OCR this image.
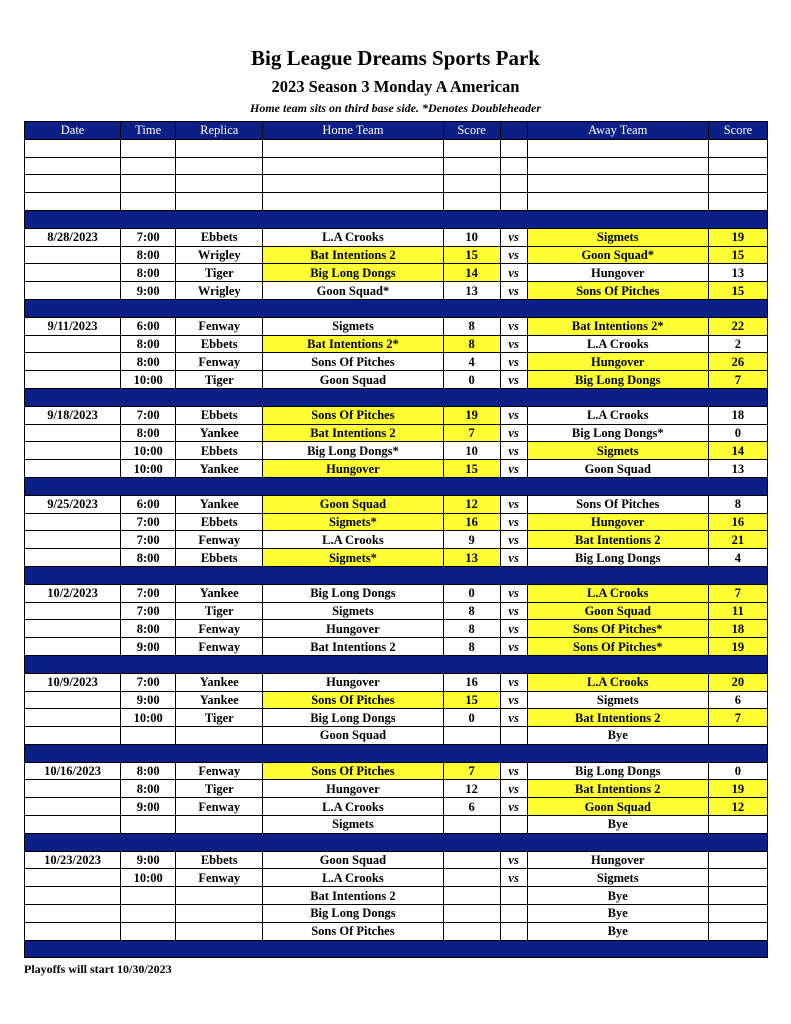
Big League Dreams Sports Park
2023 Season 3 Monday A American
Home team sits on third base side. *Denotes Doubleheader
Date	Time	Replica	Home Team	Score		Away Team	Score

8/28/2023	7:00	Ebbets	L.A Crooks	10	vs	Sigmets	19
	8:00	Wrigley	Bat Intentions 2	15	vs	Goon Squad*	15
	8:00	Tiger	Big Long Dongs	14	vs	Hungover	13
	9:00	Wrigley	Goon Squad*	13	vs	Sons Of Pitches	15

9/11/2023	6:00	Fenway	Sigmets	8	vs	Bat Intentions 2*	22
	8:00	Ebbets	Bat Intentions 2*	8	vs	L.A Crooks	2
	8:00	Fenway	Sons Of Pitches	4	vs	Hungover	26
	10:00	Tiger	Goon Squad	0	vs	Big Long Dongs	7

9/18/2023	7:00	Ebbets	Sons Of Pitches	19	vs	L.A Crooks	18
	8:00	Yankee	Bat Intentions 2	7	vs	Big Long Dongs*	0
	10:00	Ebbets	Big Long Dongs*	10	vs	Sigmets	14
	10:00	Yankee	Hungover	15	vs	Goon Squad	13

9/25/2023	6:00	Yankee	Goon Squad	12	vs	Sons Of Pitches	8
	7:00	Ebbets	Sigmets*	16	vs	Hungover	16
	7:00	Fenway	L.A Crooks	9	vs	Bat Intentions 2	21
	8:00	Ebbets	Sigmets*	13	vs	Big Long Dongs	4

10/2/2023	7:00	Yankee	Big Long Dongs	0	vs	L.A Crooks	7
	7:00	Tiger	Sigmets	8	vs	Goon Squad	11
	8:00	Fenway	Hungover	8	vs	Sons Of Pitches*	18
	9:00	Fenway	Bat Intentions 2	8	vs	Sons Of Pitches*	19

10/9/2023	7:00	Yankee	Hungover	16	vs	L.A Crooks	20
	9:00	Yankee	Sons Of Pitches	15	vs	Sigmets	6
	10:00	Tiger	Big Long Dongs	0	vs	Bat Intentions 2	7
			Goon Squad			Bye	

10/16/2023	8:00	Fenway	Sons Of Pitches	7	vs	Big Long Dongs	0
	8:00	Tiger	Hungover	12	vs	Bat Intentions 2	19
	9:00	Fenway	L.A Crooks	6	vs	Goon Squad	12
			Sigmets			Bye	

10/23/2023	9:00	Ebbets	Goon Squad		vs	Hungover	
	10:00	Fenway	L.A Crooks		vs	Sigmets	
			Bat Intentions 2			Bye	
			Big Long Dongs			Bye	
			Sons Of Pitches			Bye	

Playoffs will start 10/30/2023
